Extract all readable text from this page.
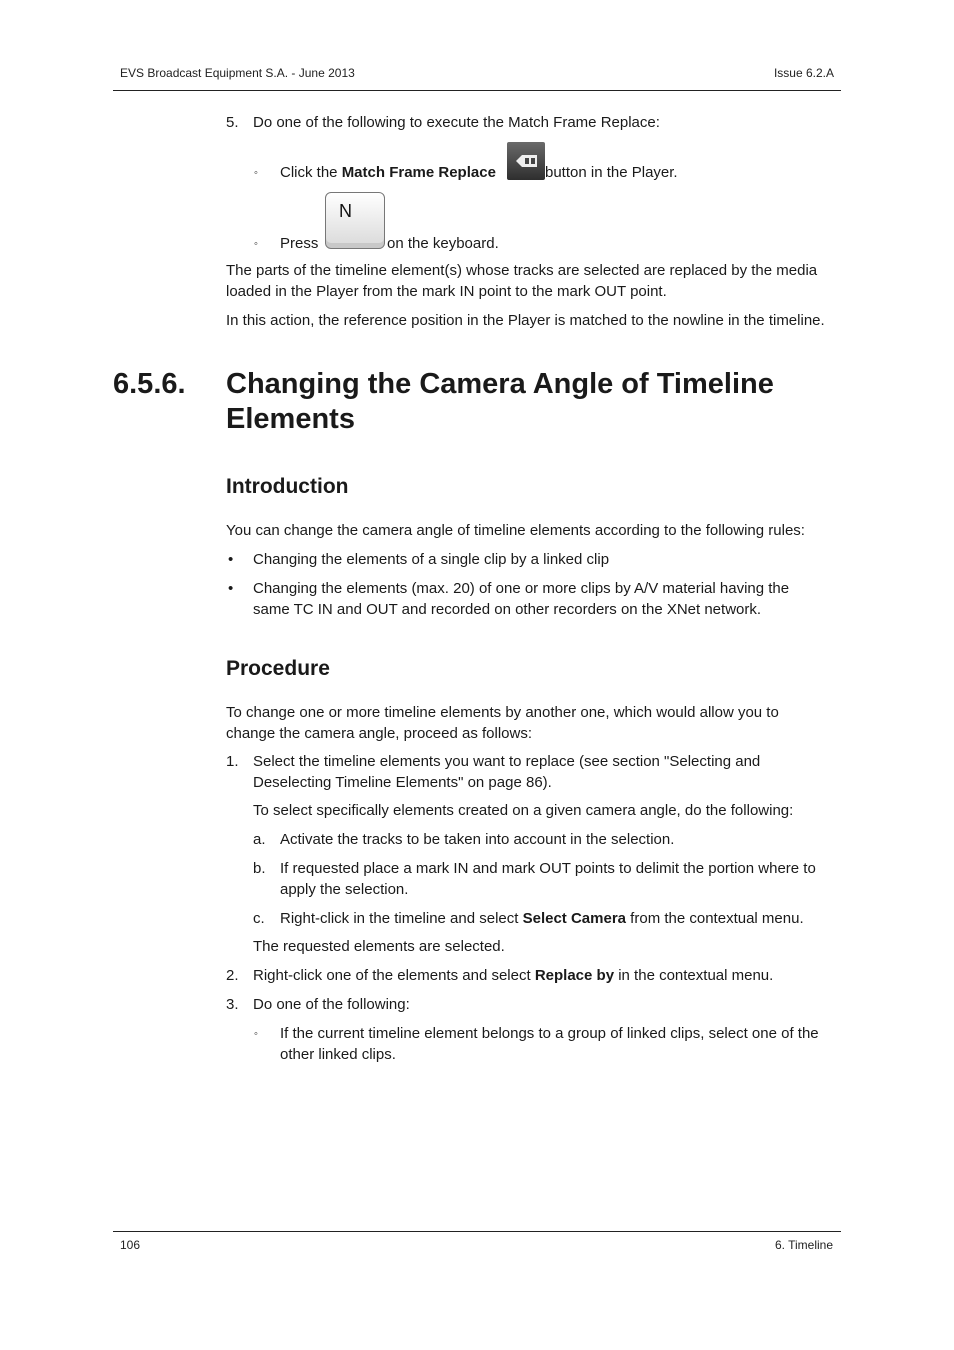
EVS Broadcast Equipment S.A. - June 2013	Issue 6.2.A
5. Do one of the following to execute the Match Frame Replace:
◦ Click the Match Frame Replace	button in the Player.
◦ Press
N
on the keyboard.
The parts of the timeline element(s) whose tracks are selected are replaced by the media
loaded in the Player from the mark IN point to the mark OUT point.
In this action, the reference position in the Player is matched to the nowline in the timeline.
6.5.6. Changing the Camera Angle of Timeline
Elements
Introduction
You can change the camera angle of timeline elements according to the following rules:
• Changing the elements of a single clip by a linked clip
• Changing the elements (max. 20) of one or more clips by A/V material having the
same TC IN and OUT and recorded on other recorders on the XNet network.
Procedure
To change one or more timeline elements by another one, which would allow you to
change the camera angle, proceed as follows:
1. Select the timeline elements you want to replace (see section "Selecting and
Deselecting Timeline Elements" on page 86).
To select specifically elements created on a given camera angle, do the following:
a. Activate the tracks to be taken into account in the selection.
b. If requested place a mark IN and mark OUT points to delimit the portion where to
apply the selection.
c. Right-click in the timeline and select Select Camera from the contextual menu.
The requested elements are selected.
2. Right-click one of the elements and select Replace by in the contextual menu.
3. Do one of the following:
◦ If the current timeline element belongs to a group of linked clips, select one of the
other linked clips.
106	6. Timeline
